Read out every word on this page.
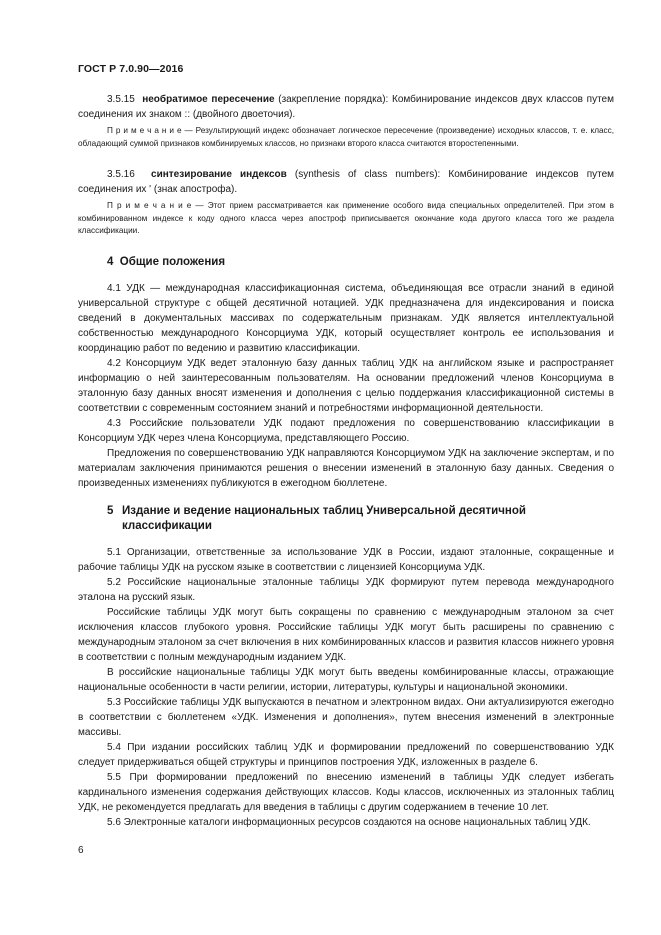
ГОСТ Р 7.0.90—2016

3.5.15 необратимое пересечение (закрепление порядка): Комбинирование индексов двух классов путем соединения их знаком :: (двойного двоеточия).

П р и м е ч а н и е — Результирующий индекс обозначает логическое пересечение (произведение) исходных классов, т. е. класс, обладающий суммой признаков комбинируемых классов, но признаки второго класса считаются второстепенными.

3.5.16 синтезирование индексов (synthesis of class numbers): Комбинирование индексов путем соединения их ' (знак апострофа).

П р и м е ч а н и е — Этот прием рассматривается как применение особого вида специальных определителей. При этом в комбинированном индексе к коду одного класса через апостроф приписывается окончание кода другого класса того же раздела классификации.

4 Общие положения

4.1 УДК — международная классификационная система, объединяющая все отрасли знаний в единой универсальной структуре с общей десятичной нотацией. УДК предназначена для индексирования и поиска сведений в документальных массивах по содержательным признакам. УДК является интеллектуальной собственностью международного Консорциума УДК, который осуществляет контроль ее использования и координацию работ по ведению и развитию классификации.

4.2 Консорциум УДК ведет эталонную базу данных таблиц УДК на английском языке и распространяет информацию о ней заинтересованным пользователям. На основании предложений членов Консорциума в эталонную базу данных вносят изменения и дополнения с целью поддержания классификационной системы в соответствии с современным состоянием знаний и потребностями информационной деятельности.

4.3 Российские пользователи УДК подают предложения по совершенствованию классификации в Консорциум УДК через члена Консорциума, представляющего Россию.

Предложения по совершенствованию УДК направляются Консорциумом УДК на заключение экспертам, и по материалам заключения принимаются решения о внесении изменений в эталонную базу данных. Сведения о произведенных изменениях публикуются в ежегодном бюллетене.

5 Издание и ведение национальных таблиц Универсальной десятичной классификации

5.1 Организации, ответственные за использование УДК в России, издают эталонные, сокращенные и рабочие таблицы УДК на русском языке в соответствии с лицензией Консорциума УДК.

5.2 Российские национальные эталонные таблицы УДК формируют путем перевода международного эталона на русский язык.

Российские таблицы УДК могут быть сокращены по сравнению с международным эталоном за счет исключения классов глубокого уровня. Российские таблицы УДК могут быть расширены по сравнению с международным эталоном за счет включения в них комбинированных классов и развития классов нижнего уровня в соответствии с полным международным изданием УДК.

В российские национальные таблицы УДК могут быть введены комбинированные классы, отражающие национальные особенности в части религии, истории, литературы, культуры и национальной экономики.

5.3 Российские таблицы УДК выпускаются в печатном и электронном видах. Они актуализируются ежегодно в соответствии с бюллетенем «УДК. Изменения и дополнения», путем внесения изменений в электронные массивы.

5.4 При издании российских таблиц УДК и формировании предложений по совершенствованию УДК следует придерживаться общей структуры и принципов построения УДК, изложенных в разделе 6.

5.5 При формировании предложений по внесению изменений в таблицы УДК следует избегать кардинального изменения содержания действующих классов. Коды классов, исключенных из эталонных таблиц УДК, не рекомендуется предлагать для введения в таблицы с другим содержанием в течение 10 лет.

5.6 Электронные каталоги информационных ресурсов создаются на основе национальных таблиц УДК.

6
